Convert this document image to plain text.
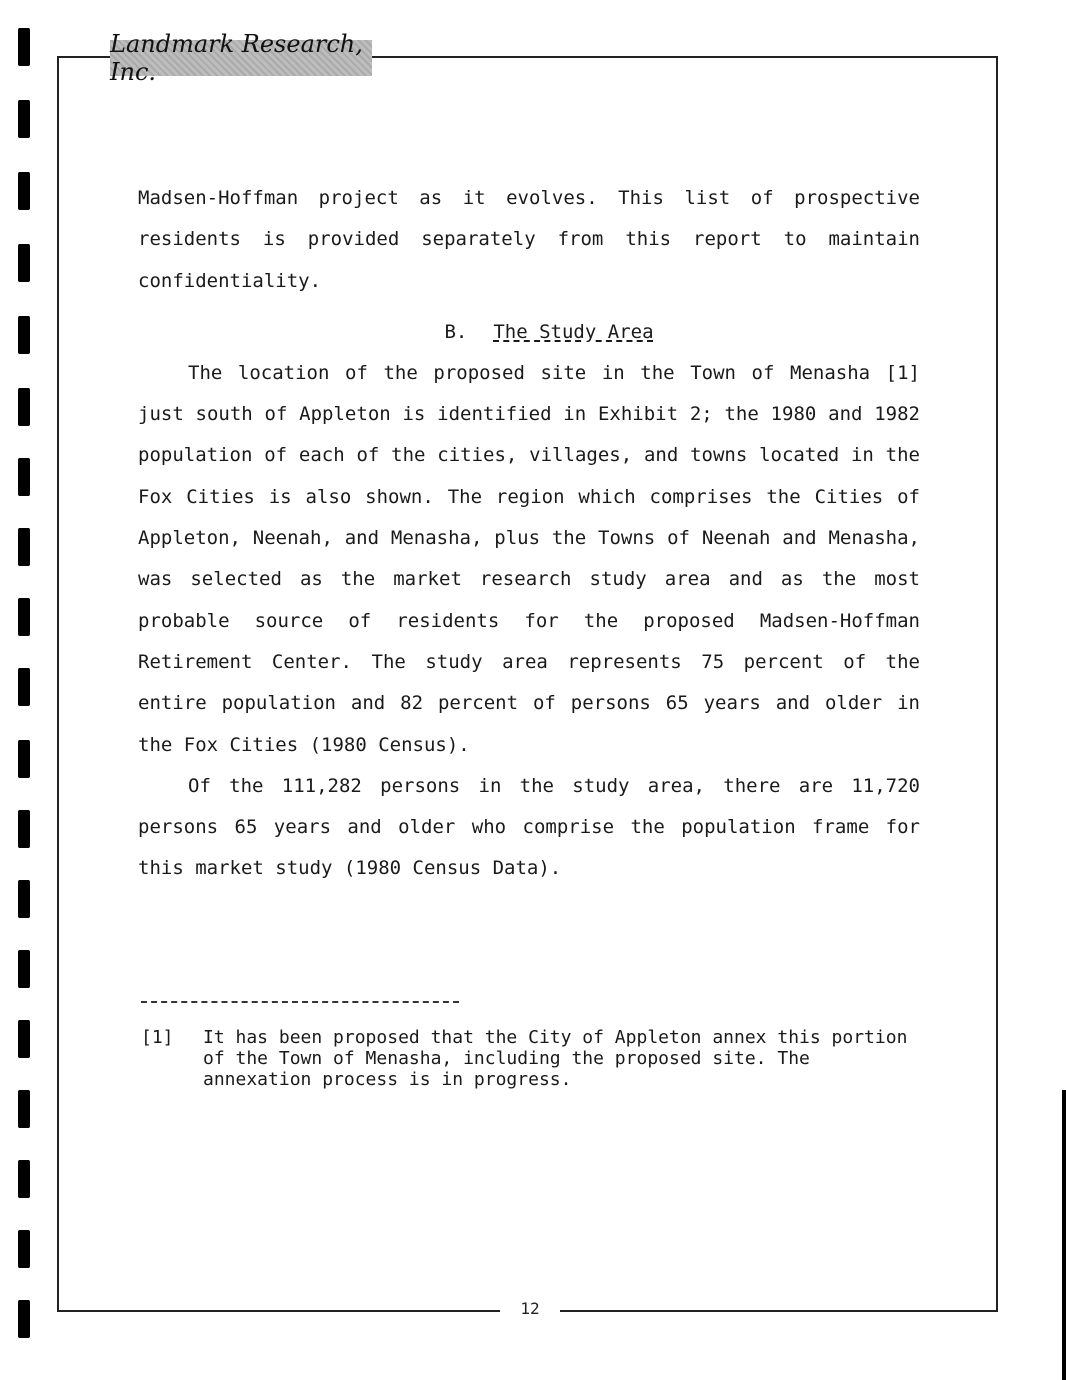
Landmark Research, Inc.

Madsen-Hoffman project as it evolves. This list of prospective residents is provided separately from this report to maintain confidentiality.

B. The Study Area

The location of the proposed site in the Town of Menasha [1] just south of Appleton is identified in Exhibit 2; the 1980 and 1982 population of each of the cities, villages, and towns located in the Fox Cities is also shown. The region which comprises the Cities of Appleton, Neenah, and Menasha, plus the Towns of Neenah and Menasha, was selected as the market research study area and as the most probable source of residents for the proposed Madsen-Hoffman Retirement Center. The study area represents 75 percent of the entire population and 82 percent of persons 65 years and older in the Fox Cities (1980 Census).

Of the 111,282 persons in the study area, there are 11,720 persons 65 years and older who comprise the population frame for this market study (1980 Census Data).

[1]	It has been proposed that the City of Appleton annex this portion of the Town of Menasha, including the proposed site. The annexation process is in progress.
12
